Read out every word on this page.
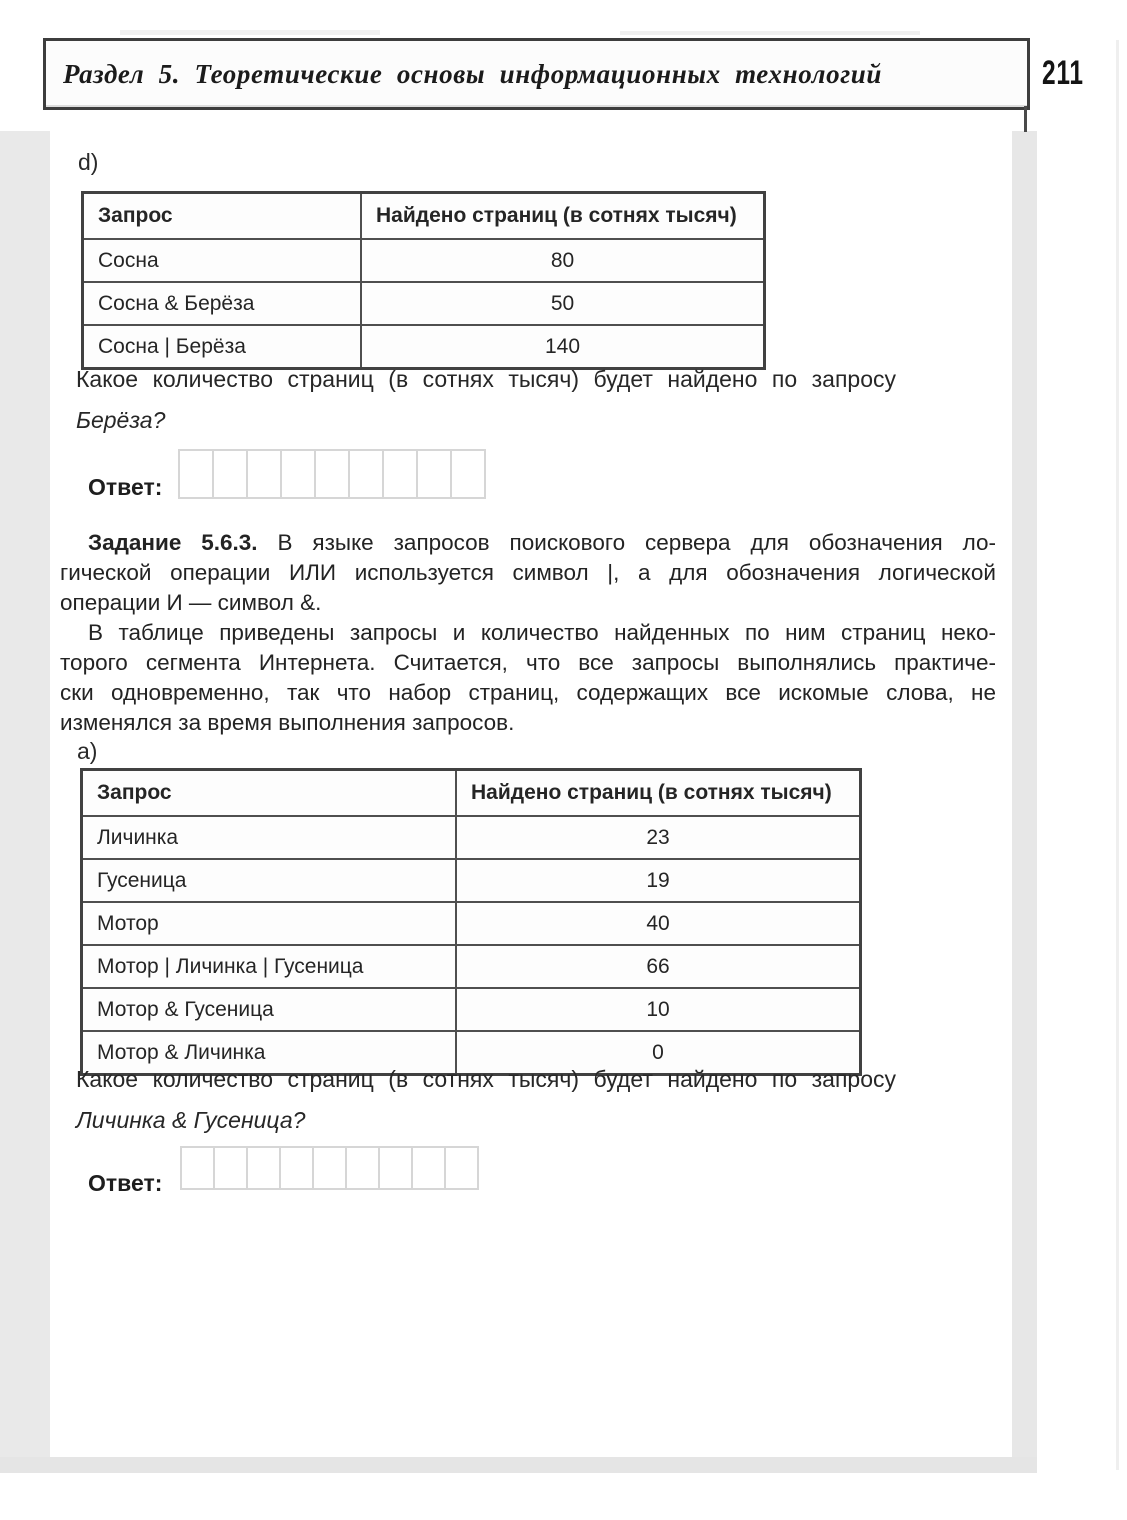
Раздел 5. Теоретические основы информационных технологий	211
d)
Запрос	Найдено страниц (в сотнях тысяч)
Сосна	80
Сосна & Берёза	50
Сосна | Берёза	140
Какое количество страниц (в сотнях тысяч) будет найдено по запросу
Берёза?
Ответ:
Задание 5.6.3. В языке запросов поискового сервера для обозначения ло-
гической операции ИЛИ используется символ |, а для обозначения логической
операции И — символ &.
В таблице приведены запросы и количество найденных по ним страниц неко-
торого сегмента Интернета. Считается, что все запросы выполнялись практиче-
ски одновременно, так что набор страниц, содержащих все искомые слова, не
изменялся за время выполнения запросов.
а)
Запрос	Найдено страниц (в сотнях тысяч)
Личинка	23
Гусеница	19
Мотор	40
Мотор | Личинка | Гусеница	66
Мотор & Гусеница	10
Мотор & Личинка	0
Какое количество страниц (в сотнях тысяч) будет найдено по запросу
Личинка & Гусеница?
Ответ:
